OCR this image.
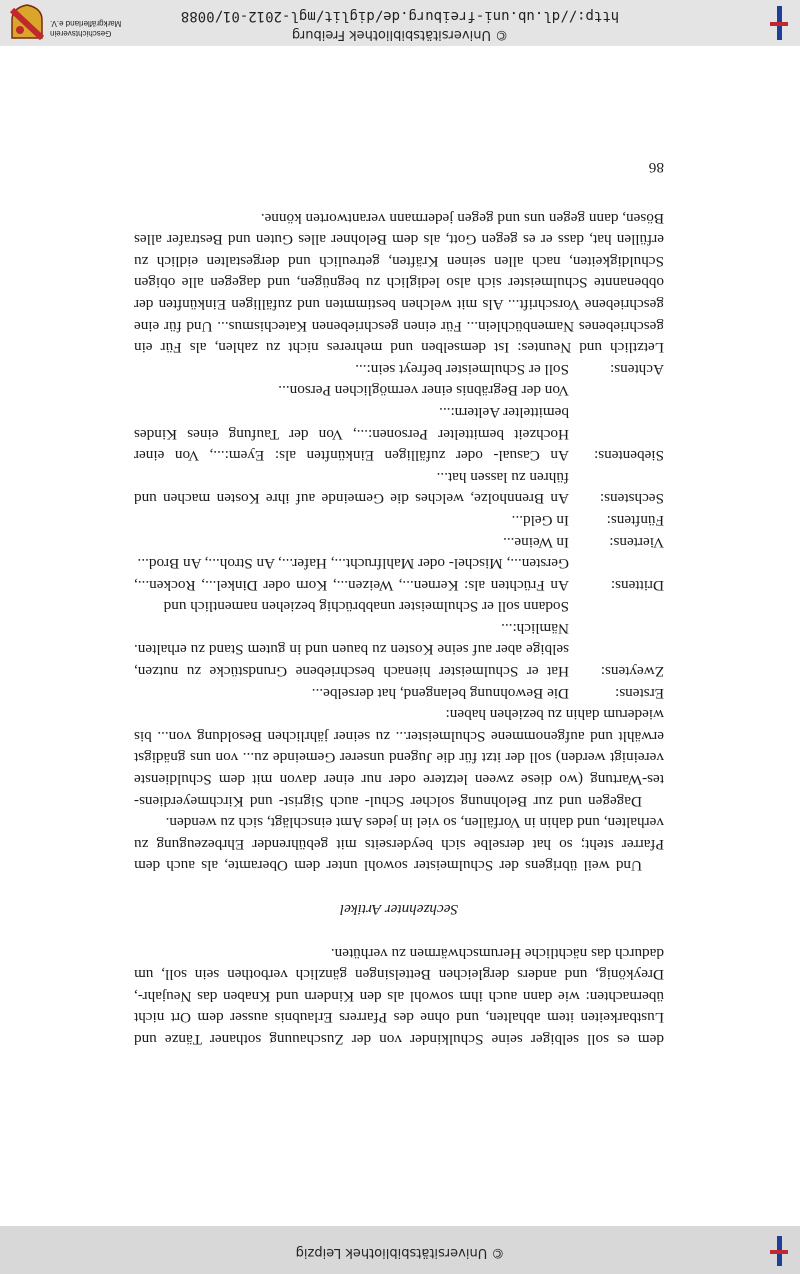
© Universitätsbibliothek Leipzig

dem es soll selbiger seine Schulkinder von der Zuschauung sothaner Tänze und Lustbarkeiten item abhalten, und ohne des Pfarrers Erlaubnis ausser dem Ort nicht übernachten: wie dann auch ihm sowohl als den Kindern und Knaben das Neujahr-, Dreykönig, und anders dergleichen Bettelsingen gänzlich verbothen sein soll, um dadurch das nächtliche Herumschwärmen zu verhüten.

Sechzehnter Artikel

Und weil übrigens der Schulmeister sowohl unter dem Oberamte, als auch dem Pfarrer steht; so hat derselbe sich beyderseits mit gebührender Ehrbezeugung zu verhalten, und dahin in Vorfällen, so viel in jedes Amt einschlägt, sich zu wenden.

Dagegen und zur Belohnung solcher Schul- auch Sigrist- und Kirchmeyerdiens-tes-Wartung (wo diese zween letztere oder nur einer davon mit dem Schuldienste vereinigt werden) soll der itzt für die Jugend unserer Gemeinde zu... von uns gnädigst erwählt und aufgenommene Schulmeister... zu seiner jährlichen Besoldung von... bis wiederum dahin zu beziehen haben:

Erstens:
Die Bewohnung belangend, hat derselbe...
Zweytens:
Hat er Schulmeister hienach beschriebene Grundstücke zu nutzen, selbige aber auf seine Kosten zu bauen und in gutem Stand zu erhalten. Nämlich:...
Sodann soll er Schulmeister unabbrüchig beziehen namentlich und
Drittens:
An Früchten als: Kernen..., Weizen..., Korn oder Dinkel..., Rocken..., Gersten..., Mischel- oder Mahlfrucht..., Hafer..., An Stroh..., An Brod...
Viertens:
In Weine...
Fünftens:
In Geld...
Sechstens:
An Brennholze, welches die Gemeinde auf ihre Kosten machen und führen zu lassen hat...
Siebentens:
An Casual- oder zufälligen Einkünften als: Eyem:..., Von einer Hochzeit bemittelter Personen:..., Von der Taufung eines Kindes bemittelter Aeltern:...
Von der Begräbnis einer vermöglichen Person...
Achtens:
Soll er Schulmeister befreyt sein:...

Letztlich und Neuntes: Ist demselben und mehreres nicht zu zahlen, als Für ein geschriebenes Namenbüchlein... Für einen geschriebenen Katechismus... Und für eine geschriebene Vorschrift... Als mit welchen bestimmten und zufälligen Einkünften der obbenannte Schulmeister sich also lediglich zu begnügen, und dagegen alle obigen Schuldigkeiten, nach allen seinen Kräften, getreulich und dergestalten eidlich zu erfüllen hat, dass er es gegen Gott, als dem Belohner alles Guten und Bestrafer alles Bösen, dann gegen uns und gegen jedermann verantworten könne.

86
© Universitätsbibliothek Freiburg
http://dl.ub.uni-freiburg.de/diglit/mgl-2012-01/0088
Geschichtsverein Markgräflerland e.V.
